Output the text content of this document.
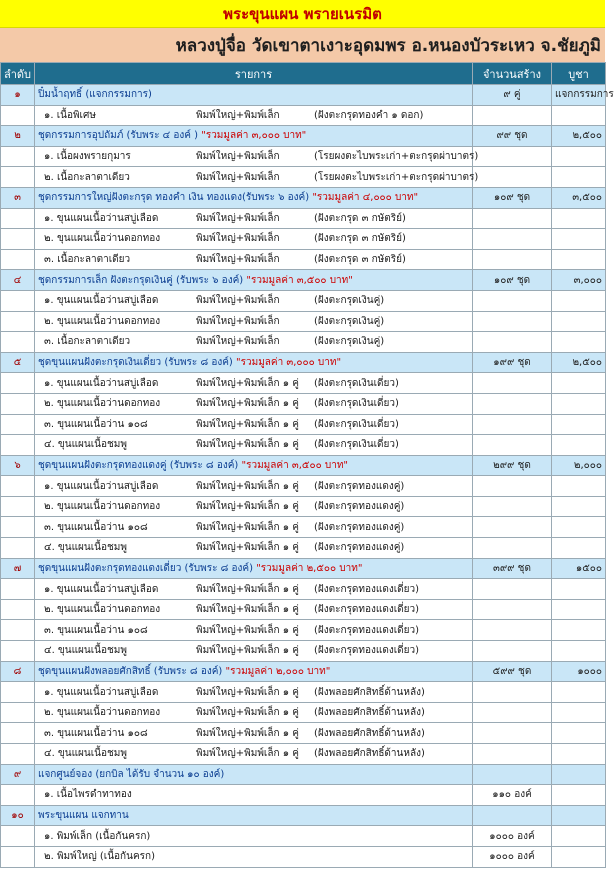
พระขุนแผน พรายเนรมิต
หลวงปู่จื่อ วัดเขาตาเงาะอุดมพร อ.หนองบัวระเหว จ.ชัยภูมิ
ลำดับ	รายการ	จำนวนสร้าง	บูชา
๑	ปิ๋มน้ำฤทธิ์ (แจกกรรมการ)	๙ คู่	แจกกรรมการ
	๑. เนื้อพิเศษ พิมพ์ใหญ่+พิมพ์เล็ก (ฝังตะกรุดทองคำ ๑ ดอก)		
๒	ชุดกรรมการอุปถัมภ์ (รับพระ ๔ องค์ ) "รวมมูลค่า ๓,๐๐๐ บาท"	๙๙ ชุด	๒,๕๐๐
	๑. เนื้อผงพรายกุมาร พิมพ์ใหญ่+พิมพ์เล็ก (โรยผงตะไบพระเก่า+ตะกรุดผ่าบาตร)		
	๒. เนื้อกะลาตาเดียว พิมพ์ใหญ่+พิมพ์เล็ก (โรยผงตะไบพระเก่า+ตะกรุดผ่าบาตร)		
๓	ชุดกรรมการใหญ่ฝังตะกรุด ทองคำ เงิน ทองแดง(รับพระ ๖ องค์) "รวมมูลค่า ๔,๐๐๐ บาท"	๑๐๙ ชุด	๓,๕๐๐
	๑. ขุนแผนเนื้อว่านสบู่เลือด พิมพ์ใหญ่+พิมพ์เล็ก (ฝังตะกรุด ๓ กษัตริย์)		
	๒. ขุนแผนเนื้อว่านดอกทอง พิมพ์ใหญ่+พิมพ์เล็ก (ฝังตะกรุด ๓ กษัตริย์)		
	๓. เนื้อกะลาตาเดียว พิมพ์ใหญ่+พิมพ์เล็ก (ฝังตะกรุด ๓ กษัตริย์)		
๔	ชุดกรรมการเล็ก ฝังตะกรุดเงินคู่ (รับพระ ๖ องค์) "รวมมูลค่า ๓,๕๐๐ บาท"	๑๐๙ ชุด	๓,๐๐๐
	๑. ขุนแผนเนื้อว่านสบู่เลือด พิมพ์ใหญ่+พิมพ์เล็ก (ฝังตะกรุดเงินคู่)		
	๒. ขุนแผนเนื้อว่านดอกทอง พิมพ์ใหญ่+พิมพ์เล็ก (ฝังตะกรุดเงินคู่)		
	๓. เนื้อกะลาตาเดียว พิมพ์ใหญ่+พิมพ์เล็ก (ฝังตะกรุดเงินคู่)		
๕	ชุดขุนแผนฝังตะกรุดเงินเดี่ยว (รับพระ ๘ องค์) "รวมมูลค่า ๓,๐๐๐ บาท"	๑๙๙ ชุด	๒,๕๐๐
	๑. ขุนแผนเนื้อว่านสบู่เลือด พิมพ์ใหญ่+พิมพ์เล็ก ๑ คู่ (ฝังตะกรุดเงินเดี่ยว)		
	๒. ขุนแผนเนื้อว่านดอกทอง พิมพ์ใหญ่+พิมพ์เล็ก ๑ คู่ (ฝังตะกรุดเงินเดี่ยว)		
	๓. ขุนแผนเนื้อว่าน ๑๐๘ พิมพ์ใหญ่+พิมพ์เล็ก ๑ คู่ (ฝังตะกรุดเงินเดี่ยว)		
	๔. ขุนแผนเนื้อชมพู พิมพ์ใหญ่+พิมพ์เล็ก ๑ คู่ (ฝังตะกรุดเงินเดี่ยว)		
๖	ชุดขุนแผนฝังตะกรุดทองแดงคู่ (รับพระ ๘ องค์) "รวมมูลค่า ๓,๕๐๐ บาท"	๒๙๙ ชุด	๒,๐๐๐
	๑. ขุนแผนเนื้อว่านสบู่เลือด พิมพ์ใหญ่+พิมพ์เล็ก ๑ คู่ (ฝังตะกรุดทองแดงคู่)		
	๒. ขุนแผนเนื้อว่านดอกทอง พิมพ์ใหญ่+พิมพ์เล็ก ๑ คู่ (ฝังตะกรุดทองแดงคู่)		
	๓. ขุนแผนเนื้อว่าน ๑๐๘ พิมพ์ใหญ่+พิมพ์เล็ก ๑ คู่ (ฝังตะกรุดทองแดงคู่)		
	๔. ขุนแผนเนื้อชมพู พิมพ์ใหญ่+พิมพ์เล็ก ๑ คู่ (ฝังตะกรุดทองแดงคู่)		
๗	ชุดขุนแผนฝังตะกรุดทองแดงเดี่ยว (รับพระ ๘ องค์) "รวมมูลค่า ๒,๕๐๐ บาท"	๓๙๙ ชุด	๑๕๐๐
	๑. ขุนแผนเนื้อว่านสบู่เลือด พิมพ์ใหญ่+พิมพ์เล็ก ๑ คู่ (ฝังตะกรุดทองแดงเดี่ยว)		
	๒. ขุนแผนเนื้อว่านดอกทอง พิมพ์ใหญ่+พิมพ์เล็ก ๑ คู่ (ฝังตะกรุดทองแดงเดี่ยว)		
	๓. ขุนแผนเนื้อว่าน ๑๐๘ พิมพ์ใหญ่+พิมพ์เล็ก ๑ คู่ (ฝังตะกรุดทองแดงเดี่ยว)		
	๔. ขุนแผนเนื้อชมพู พิมพ์ใหญ่+พิมพ์เล็ก ๑ คู่ (ฝังตะกรุดทองแดงเดี่ยว)		
๘	ชุดขุนแผนฝังพลอยศักสิทธิ์ (รับพระ ๘ องค์) "รวมมูลค่า ๒,๐๐๐ บาท"	๕๙๙ ชุด	๑๐๐๐
	๑. ขุนแผนเนื้อว่านสบู่เลือด พิมพ์ใหญ่+พิมพ์เล็ก ๑ คู่ (ฝังพลอยศักสิทธิ์ด้านหลัง)		
	๒. ขุนแผนเนื้อว่านดอกทอง พิมพ์ใหญ่+พิมพ์เล็ก ๑ คู่ (ฝังพลอยศักสิทธิ์ด้านหลัง)		
	๓. ขุนแผนเนื้อว่าน ๑๐๘ พิมพ์ใหญ่+พิมพ์เล็ก ๑ คู่ (ฝังพลอยศักสิทธิ์ด้านหลัง)		
	๔. ขุนแผนเนื้อชมพู พิมพ์ใหญ่+พิมพ์เล็ก ๑ คู่ (ฝังพลอยศักสิทธิ์ด้านหลัง)		
๙	แจกศูนย์จอง (ยกบิล ได้รับ จำนวน ๑๐ องค์)		
	๑. เนื้อไพรดำทาทอง	๑๑๐ องค์	
๑๐	พระขุนแผน แจกทาน		
	๑. พิมพ์เล็ก (เนื้อกันครก)	๑๐๐๐ องค์	
	๒. พิมพ์ใหญ่ (เนื้อกันครก)	๑๐๐๐ องค์	
